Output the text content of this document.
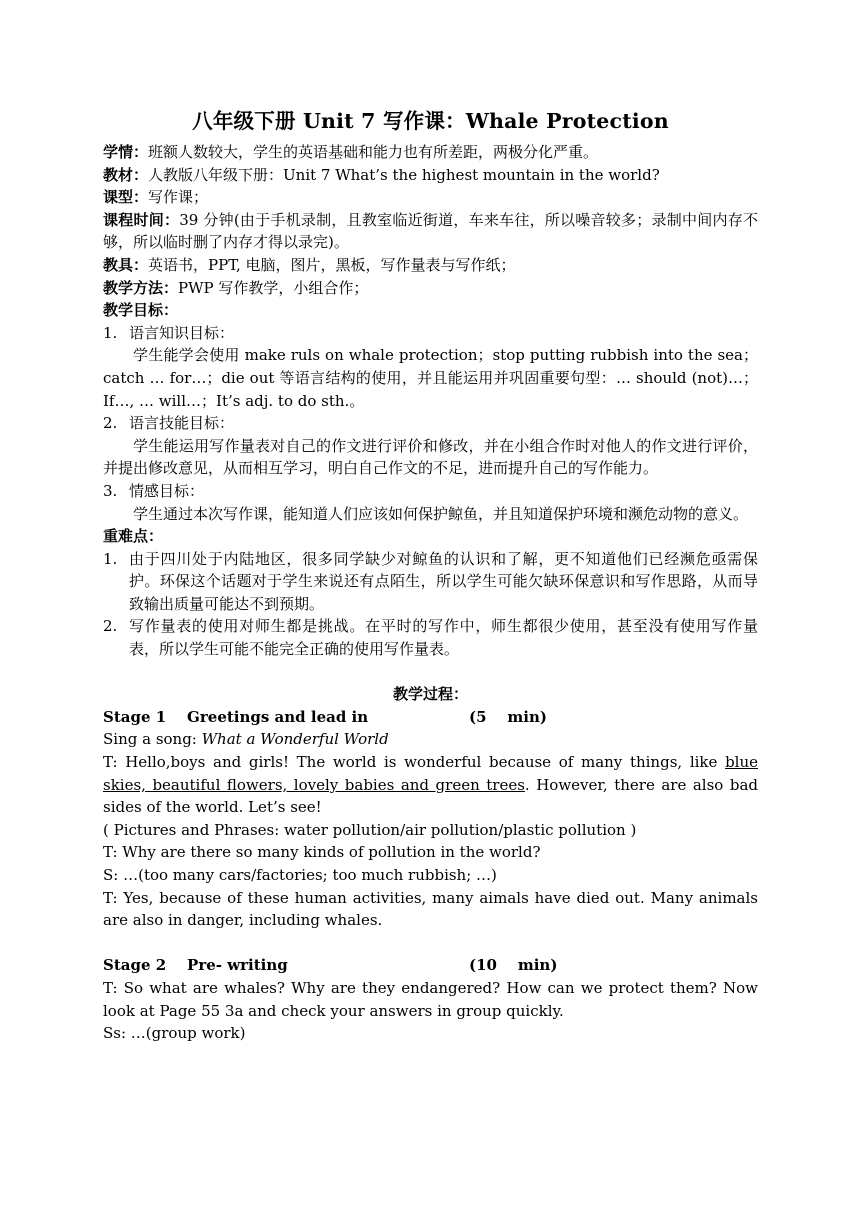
八年级下册 Unit 7 写作课：Whale Protection

学情：班额人数较大，学生的英语基础和能力也有所差距，两极分化严重。

教材：人教版八年级下册：Unit 7 What’s the highest mountain in the world?

课型：写作课；

课程时间：39 分钟(由于手机录制，且教室临近街道，车来车往，所以噪音较多；录制中间内存不够，所以临时删了内存才得以录完)。

教具：英语书，PPT, 电脑，图片，黑板，写作量表与写作纸；

教学方法：PWP 写作教学，小组合作；

教学目标：

1. 语言知识目标：

学生能学会使用 make ruls on whale protection；stop putting rubbish into the sea；catch … for…；die out 等语言结构的使用，并且能运用并巩固重要句型：… should (not)…；If…, … will…；It’s adj. to do sth.。

2. 语言技能目标：

学生能运用写作量表对自己的作文进行评价和修改，并在小组合作时对他人的作文进行评价，并提出修改意见，从而相互学习，明白自己作文的不足，进而提升自己的写作能力。

3. 情感目标：

学生通过本次写作课，能知道人们应该如何保护鲸鱼，并且知道保护环境和濒危动物的意义。

重难点：

1. 由于四川处于内陆地区，很多同学缺少对鲸鱼的认识和了解，更不知道他们已经濒危亟需保护。环保这个话题对于学生来说还有点陌生，所以学生可能欠缺环保意识和写作思路，从而导致输出质量可能达不到预期。
2. 写作量表的使用对师生都是挑战。在平时的写作中，师生都很少使用，甚至没有使用写作量表，所以学生可能不能完全正确的使用写作量表。

教学过程：

Stage 1    Greetings and lead in	(5    min)

Sing a song: What a Wonderful World

T: Hello,boys and girls! The world is wonderful because of many things, like blue skies, beautiful flowers, lovely babies and green trees. However, there are also bad sides of the world. Let’s see!

( Pictures and Phrases: water pollution/air pollution/plastic pollution )

T: Why are there so many kinds of pollution in the world?

S: …(too many cars/factories; too much rubbish; …)

T: Yes, because of these human activities, many aimals have died out. Many animals are also in danger, including whales.

Stage 2    Pre- writing	(10    min)

T: So what are whales? Why are they endangered? How can we protect them? Now look at Page 55 3a and check your answers in group quickly.

Ss: …(group work)
